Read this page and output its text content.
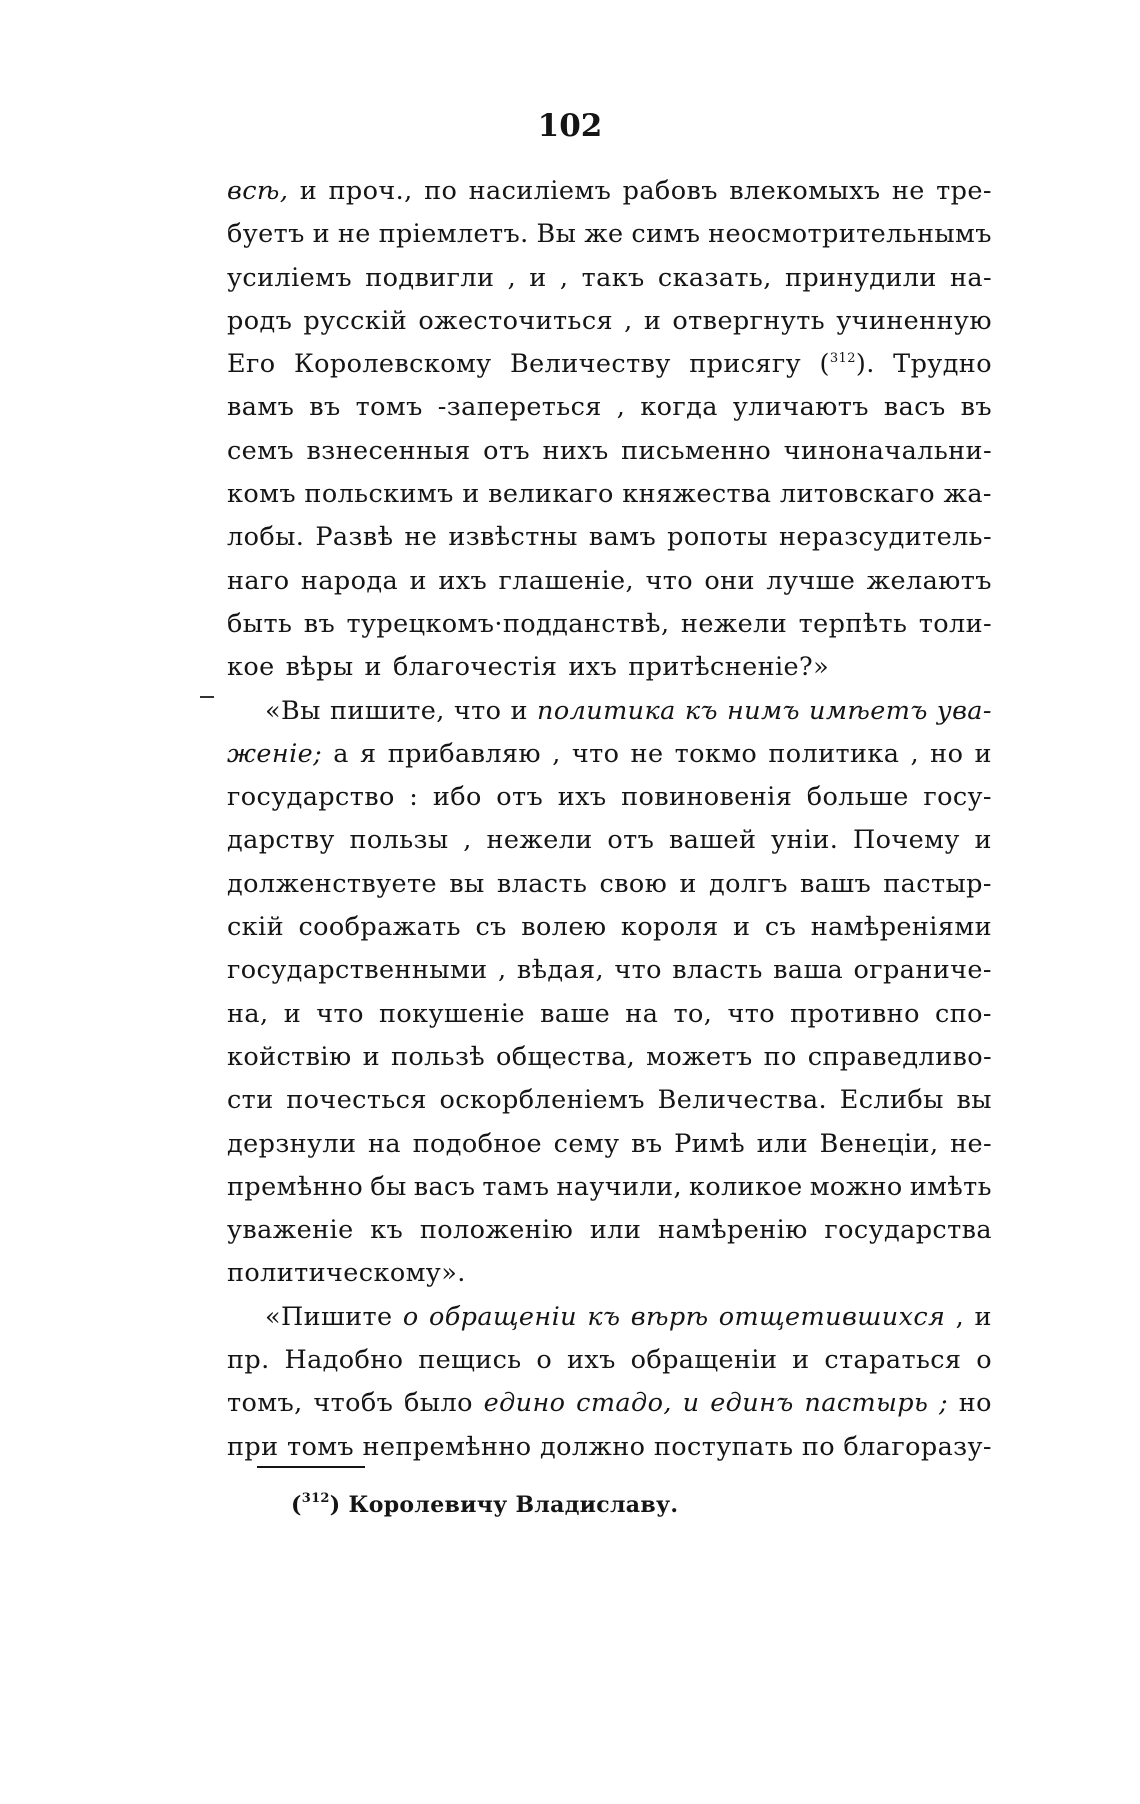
102
всѣ, и проч., по насиліемъ рабовъ влекомыхъ не тре-
буетъ и не пріемлетъ. Вы же симъ неосмотрительнымъ
усиліемъ подвигли , и , такъ сказать, принудили на-
родъ русскій ожесточиться , и отвергнуть учиненную
Его Королевскому Величеству присягу ($^{312}$). Трудно
вамъ въ томъ -запереться , когда уличаютъ васъ въ
семъ взнесенныя отъ нихъ письменно чиноначальни-
комъ польскимъ и великаго княжества литовскаго жа-
лобы. Развѣ не извѣстны вамъ ропоты неразсудитель-
наго народа и ихъ глашеніе, что они лучше желаютъ
быть въ турецкомъ·подданствѣ, нежели терпѣть толи-
кое вѣры и благочестія ихъ притѣсненіе?»
«Вы пишите, что и политика къ нимъ имѣетъ ува-
женіе; а я прибавляю , что не токмо политика , но и
государство : ибо отъ ихъ повиновенія больше госу-
дарству пользы , нежели отъ вашей уніи. Почему и
долженствуете вы власть свою и долгъ вашъ пастыр-
скій соображать съ волею короля и съ намѣреніями
государственными , вѣдая, что власть ваша ограниче-
на, и что покушеніе ваше на то, что противно спо-
койствію и пользѣ общества, можетъ по справедливо-
сти почесться оскорбленіемъ Величества. Еслибы вы
дерзнули на подобное сему въ Римѣ или Венеціи, не-
премѣнно бы васъ тамъ научили, коликое можно имѣть
уваженіе къ положенію или намѣренію государства
политическому».
«Пишите о обращеніи къ вѣрѣ отщетившихся , и
пр. Надобно пещись о ихъ обращеніи и стараться о
томъ, чтобъ было едино стадо, и единъ пастырь ; но
при томъ непремѣнно должно поступать по благоразу-
($^{312}$) Королевичу Владиславу.
